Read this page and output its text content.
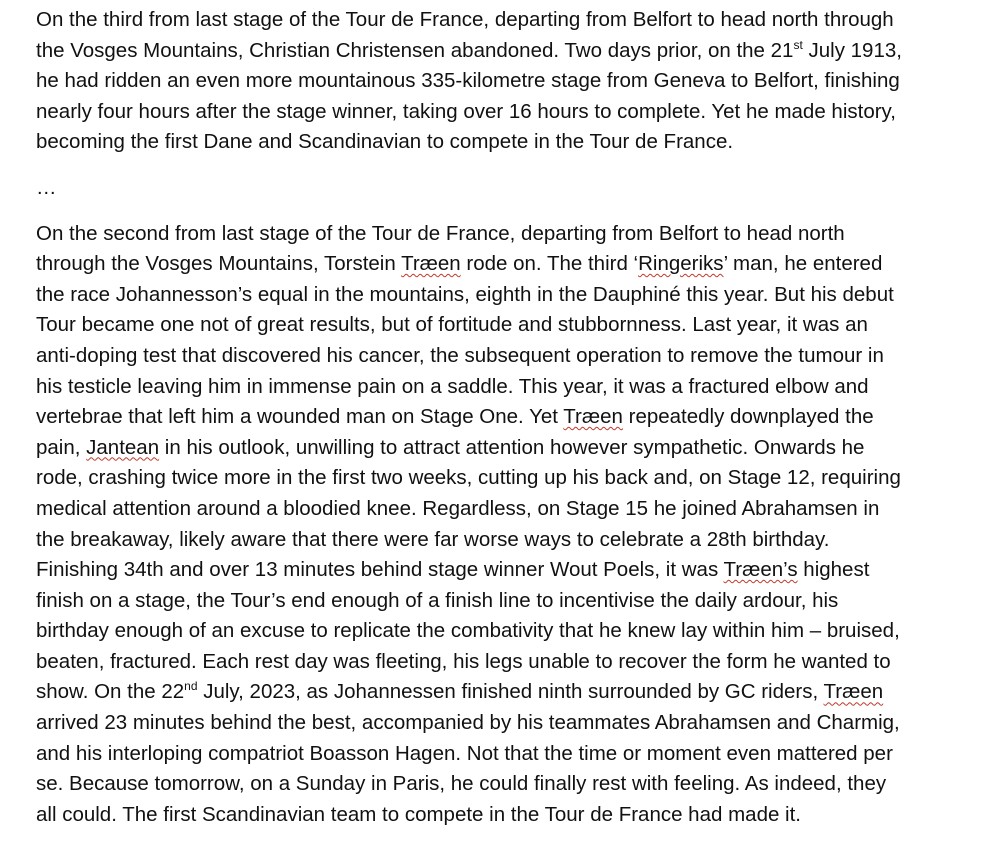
On the third from last stage of the Tour de France, departing from Belfort to head north through
the Vosges Mountains, Christian Christensen abandoned. Two days prior, on the 21st July 1913,
he had ridden an even more mountainous 335-kilometre stage from Geneva to Belfort, finishing
nearly four hours after the stage winner, taking over 16 hours to complete. Yet he made history,
becoming the first Dane and Scandinavian to compete in the Tour de France.

…

On the second from last stage of the Tour de France, departing from Belfort to head north
through the Vosges Mountains, Torstein Træen rode on. The third ‘Ringeriks’ man, he entered
the race Johannesson’s equal in the mountains, eighth in the Dauphiné this year. But his debut
Tour became one not of great results, but of fortitude and stubbornness. Last year, it was an
anti-doping test that discovered his cancer, the subsequent operation to remove the tumour in
his testicle leaving him in immense pain on a saddle. This year, it was a fractured elbow and
vertebrae that left him a wounded man on Stage One. Yet Træen repeatedly downplayed the
pain, Jantean in his outlook, unwilling to attract attention however sympathetic. Onwards he
rode, crashing twice more in the first two weeks, cutting up his back and, on Stage 12, requiring
medical attention around a bloodied knee. Regardless, on Stage 15 he joined Abrahamsen in
the breakaway, likely aware that there were far worse ways to celebrate a 28th birthday.
Finishing 34th and over 13 minutes behind stage winner Wout Poels, it was Træen’s highest
finish on a stage, the Tour’s end enough of a finish line to incentivise the daily ardour, his
birthday enough of an excuse to replicate the combativity that he knew lay within him – bruised,
beaten, fractured. Each rest day was fleeting, his legs unable to recover the form he wanted to
show. On the 22nd July, 2023, as Johannessen finished ninth surrounded by GC riders, Træen
arrived 23 minutes behind the best, accompanied by his teammates Abrahamsen and Charmig,
and his interloping compatriot Boasson Hagen. Not that the time or moment even mattered per
se. Because tomorrow, on a Sunday in Paris, he could finally rest with feeling. As indeed, they
all could. The first Scandinavian team to compete in the Tour de France had made it.
